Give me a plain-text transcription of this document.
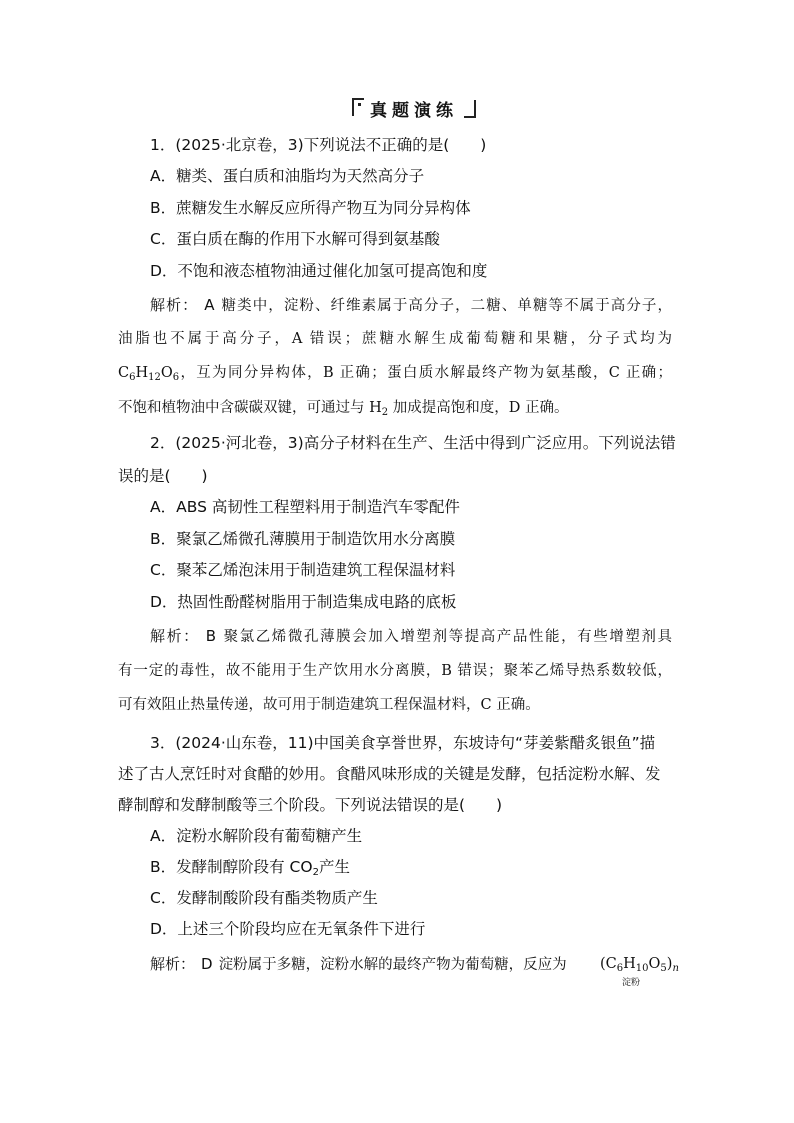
真题演练
1．(2025·北京卷，3)下列说法不正确的是(　　)
A．糖类、蛋白质和油脂均为天然高分子
B．蔗糖发生水解反应所得产物互为同分异构体
C．蛋白质在酶的作用下水解可得到氨基酸
D．不饱和液态植物油通过催化加氢可提高饱和度
解析： A 糖类中，淀粉、纤维素属于高分子，二糖、单糖等不属于高分子，
油脂也不属于高分子，A 错误；蔗糖水解生成葡萄糖和果糖，分子式均为
$C_6H_{12}O_6$，互为同分异构体，B 正确；蛋白质水解最终产物为氨基酸，C 正确；
不饱和植物油中含碳碳双键，可通过与 $H_2$ 加成提高饱和度，D 正确。
2．(2025·河北卷，3)高分子材料在生产、生活中得到广泛应用。下列说法错
误的是(　　)
A．ABS 高韧性工程塑料用于制造汽车零配件
B．聚氯乙烯微孔薄膜用于制造饮用水分离膜
C．聚苯乙烯泡沫用于制造建筑工程保温材料
D．热固性酚醛树脂用于制造集成电路的底板
解析： B 聚氯乙烯微孔薄膜会加入增塑剂等提高产品性能，有些增塑剂具
有一定的毒性，故不能用于生产饮用水分离膜，B 错误；聚苯乙烯导热系数较低，
可有效阻止热量传递，故可用于制造建筑工程保温材料，C 正确。
3．(2024·山东卷，11)中国美食享誉世界，东坡诗句“芽姜紫醋炙银鱼”描
述了古人烹饪时对食醋的妙用。食醋风味形成的关键是发酵，包括淀粉水解、发
酵制醇和发酵制酸等三个阶段。下列说法错误的是(　　)
A．淀粉水解阶段有葡萄糖产生
B．发酵制醇阶段有 $CO_2$产生
C．发酵制酸阶段有酯类物质产生
D．上述三个阶段均应在无氧条件下进行
解析： D 淀粉属于多糖，淀粉水解的最终产物为葡萄糖，反应为	$(C_6H_{10}O_5)_n$
淀粉
